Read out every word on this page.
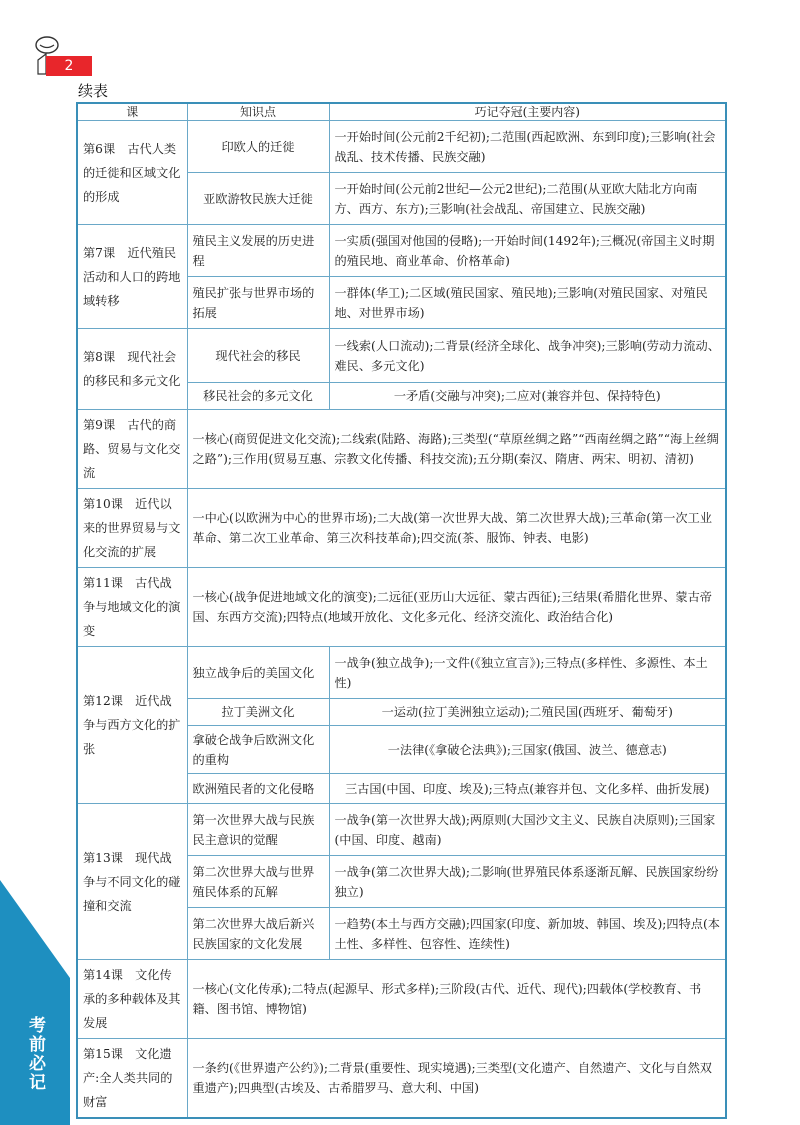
2
续表
考前必记
课	知识点	巧记夺冠(主要内容)
第6课　古代人类的迁徙和区域文化的形成	印欧人的迁徙	一开始时间(公元前2千纪初);二范围(西起欧洲、东到印度);三影响(社会战乱、技术传播、民族交融)
	亚欧游牧民族大迁徙	一开始时间(公元前2世纪—公元2世纪);二范围(从亚欧大陆北方向南方、西方、东方);三影响(社会战乱、帝国建立、民族交融)
第7课　近代殖民活动和人口的跨地域转移	殖民主义发展的历史进程	一实质(强国对他国的侵略);一开始时间(1492年);三概况(帝国主义时期的殖民地、商业革命、价格革命)
	殖民扩张与世界市场的拓展	一群体(华工);二区域(殖民国家、殖民地);三影响(对殖民国家、对殖民地、对世界市场)
第8课　现代社会的移民和多元文化	现代社会的移民	一线索(人口流动);二背景(经济全球化、战争冲突);三影响(劳动力流动、难民、多元文化)
	移民社会的多元文化	一矛盾(交融与冲突);二应对(兼容并包、保持特色)
第9课　古代的商路、贸易与文化交流	一核心(商贸促进文化交流);二线索(陆路、海路);三类型(“草原丝绸之路”“西南丝绸之路”“海上丝绸之路”);三作用(贸易互惠、宗教文化传播、科技交流);五分期(秦汉、隋唐、两宋、明初、清初)	
第10课　近代以来的世界贸易与文化交流的扩展	一中心(以欧洲为中心的世界市场);二大战(第一次世界大战、第二次世界大战);三革命(第一次工业革命、第二次工业革命、第三次科技革命);四交流(茶、服饰、钟表、电影)	
第11课　古代战争与地域文化的演变	一核心(战争促进地域文化的演变);二远征(亚历山大远征、蒙古西征);三结果(希腊化世界、蒙古帝国、东西方交流);四特点(地域开放化、文化多元化、经济交流化、政治结合化)	
第12课　近代战争与西方文化的扩张	独立战争后的美国文化	一战争(独立战争);一文件(《独立宣言》);三特点(多样性、多源性、本土性)
	拉丁美洲文化	一运动(拉丁美洲独立运动);二殖民国(西班牙、葡萄牙)
	拿破仑战争后欧洲文化的重构	一法律(《拿破仑法典》);三国家(俄国、波兰、德意志)
	欧洲殖民者的文化侵略	三古国(中国、印度、埃及);三特点(兼容并包、文化多样、曲折发展)
第13课　现代战争与不同文化的碰撞和交流	第一次世界大战与民族民主意识的觉醒	一战争(第一次世界大战);两原则(大国沙文主义、民族自决原则);三国家(中国、印度、越南)
	第二次世界大战与世界殖民体系的瓦解	一战争(第二次世界大战);二影响(世界殖民体系逐渐瓦解、民族国家纷纷独立)
	第二次世界大战后新兴民族国家的文化发展	一趋势(本土与西方交融);四国家(印度、新加坡、韩国、埃及);四特点(本土性、多样性、包容性、连续性)
第14课　文化传承的多种载体及其发展	一核心(文化传承);二特点(起源早、形式多样);三阶段(古代、近代、现代);四载体(学校教育、书籍、图书馆、博物馆)	
第15课　文化遗产:全人类共同的财富	一条约(《世界遗产公约》);二背景(重要性、现实境遇);三类型(文化遗产、自然遗产、文化与自然双重遗产);四典型(古埃及、古希腊罗马、意大利、中国)	
